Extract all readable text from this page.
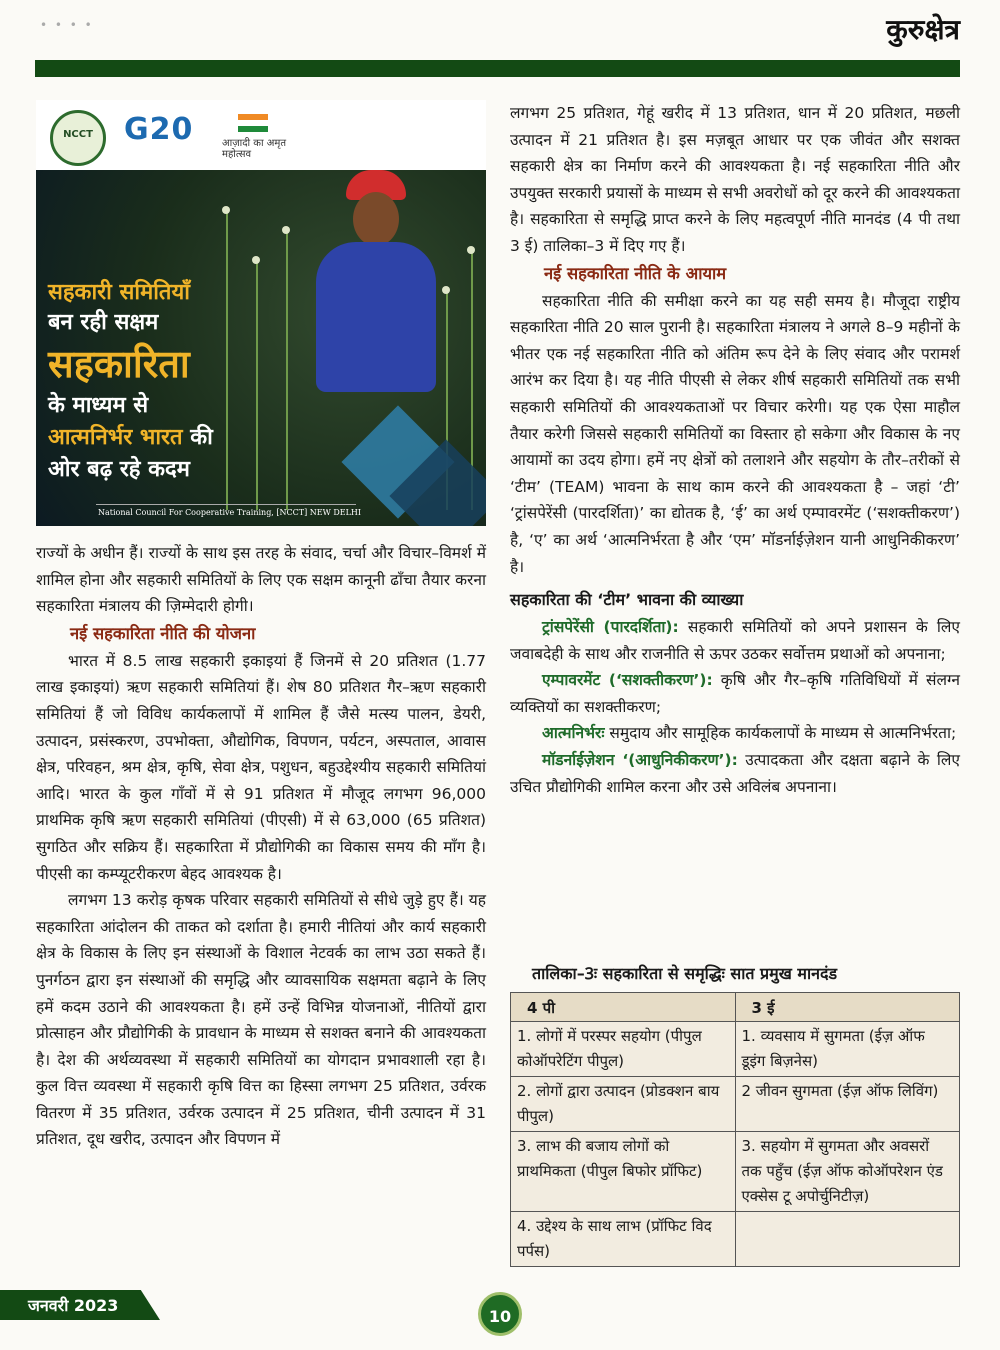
• • • •	कुरुक्षेत्र
NCCT	G20	आज़ादी का अमृत महोत्सव
सहकारी समितियाँ
बन रही सक्षम
सहकारिता
के माध्यम से
आत्मनिर्भर भारत की
ओर बढ़ रहे कदम
National Council For Cooperative Training, [NCCT] NEW DELHI

राज्यों के अधीन हैं। राज्यों के साथ इस तरह के संवाद, चर्चा और विचार–विमर्श में शामिल होना और सहकारी समितियों के लिए एक सक्षम कानूनी ढाँचा तैयार करना सहकारिता मंत्रालय की ज़िम्मेदारी होगी।

नई सहकारिता नीति की योजना

भारत में 8.5 लाख सहकारी इकाइयां हैं जिनमें से 20 प्रतिशत (1.77 लाख इकाइयां) ऋण सहकारी समितियां हैं। शेष 80 प्रतिशत गैर–ऋण सहकारी समितियां हैं जो विविध कार्यकलापों में शामिल हैं जैसे मत्स्य पालन, डेयरी, उत्पादन, प्रसंस्करण, उपभोक्ता, औद्योगिक, विपणन, पर्यटन, अस्पताल, आवास क्षेत्र, परिवहन, श्रम क्षेत्र, कृषि, सेवा क्षेत्र, पशुधन, बहुउद्देश्यीय सहकारी समितियां आदि। भारत के कुल गाँवों में से 91 प्रतिशत में मौजूद लगभग 96,000 प्राथमिक कृषि ऋण सहकारी समितियां (पीएसी) में से 63,000 (65 प्रतिशत) सुगठित और सक्रिय हैं। सहकारिता में प्रौद्योगिकी का विकास समय की माँग है। पीएसी का कम्प्यूटरीकरण बेहद आवश्यक है।

लगभग 13 करोड़ कृषक परिवार सहकारी समितियों से सीधे जुड़े हुए हैं। यह सहकारिता आंदोलन की ताकत को दर्शाता है। हमारी नीतियां और कार्य सहकारी क्षेत्र के विकास के लिए इन संस्थाओं के विशाल नेटवर्क का लाभ उठा सकते हैं। पुनर्गठन द्वारा इन संस्थाओं की समृद्धि और व्यावसायिक सक्षमता बढ़ाने के लिए हमें कदम उठाने की आवश्यकता है। हमें उन्हें विभिन्न योजनाओं, नीतियों द्वारा प्रोत्साहन और प्रौद्योगिकी के प्रावधान के माध्यम से सशक्त बनाने की आवश्यकता है। देश की अर्थव्यवस्था में सहकारी समितियों का योगदान प्रभावशाली रहा है। कुल वित्त व्यवस्था में सहकारी कृषि वित्त का हिस्सा लगभग 25 प्रतिशत, उर्वरक वितरण में 35 प्रतिशत, उर्वरक उत्पादन में 25 प्रतिशत, चीनी उत्पादन में 31 प्रतिशत, दूध खरीद, उत्पादन और विपणन में

लगभग 25 प्रतिशत, गेहूं खरीद में 13 प्रतिशत, धान में 20 प्रतिशत, मछली उत्पादन में 21 प्रतिशत है। इस मज़बूत आधार पर एक जीवंत और सशक्त सहकारी क्षेत्र का निर्माण करने की आवश्यकता है। नई सहकारिता नीति और उपयुक्त सरकारी प्रयासों के माध्यम से सभी अवरोधों को दूर करने की आवश्यकता है। सहकारिता से समृद्धि प्राप्त करने के लिए महत्वपूर्ण नीति मानदंड (4 पी तथा 3 ई) तालिका–3 में दिए गए हैं।

नई सहकारिता नीति के आयाम

सहकारिता नीति की समीक्षा करने का यह सही समय है। मौजूदा राष्ट्रीय सहकारिता नीति 20 साल पुरानी है। सहकारिता मंत्रालय ने अगले 8–9 महीनों के भीतर एक नई सहकारिता नीति को अंतिम रूप देने के लिए संवाद और परामर्श आरंभ कर दिया है। यह नीति पीएसी से लेकर शीर्ष सहकारी समितियों तक सभी सहकारी समितियों की आवश्यकताओं पर विचार करेगी। यह एक ऐसा माहौल तैयार करेगी जिससे सहकारी समितियों का विस्तार हो सकेगा और विकास के नए आयामों का उदय होगा। हमें नए क्षेत्रों को तलाशने और सहयोग के तौर–तरीकों से ‘टीम’ (TEAM) भावना के साथ काम करने की आवश्यकता है – जहां ‘टी’ ‘ट्रांसपेरेंसी (पारदर्शिता)’ का द्योतक है, ‘ई’ का अर्थ एम्पावरमेंट (‘सशक्तीकरण’) है, ‘ए’ का अर्थ ‘आत्मनिर्भरता है और ‘एम’ मॉडर्नाईज़ेशन यानी आधुनिकीकरण’ है।

सहकारिता की ‘टीम’ भावना की व्याख्या

ट्रांसपेरेंसी (पारदर्शिता): सहकारी समितियों को अपने प्रशासन के लिए जवाबदेही के साथ और राजनीति से ऊपर उठकर सर्वोत्तम प्रथाओं को अपनाना;

एम्पावरमेंट (‘सशक्तीकरण’): कृषि और गैर–कृषि गतिविधियों में संलग्न व्यक्तियों का सशक्तीकरण;

आत्मनिर्भरः समुदाय और सामूहिक कार्यकलापों के माध्यम से आत्मनिर्भरता;

मॉडर्नाईज़ेशन ‘(आधुनिकीकरण’): उत्पादकता और दक्षता बढ़ाने के लिए उचित प्रौद्योगिकी शामिल करना और उसे अविलंब अपनाना।

तालिका–3ः सहकारिता से समृद्धिः सात प्रमुख मानदंड
4 पी	3 ई
1. लोगों में परस्पर सहयोग (पीपुल कोऑपरेटिंग पीपुल)	1. व्यवसाय में सुगमता (ईज़ ऑफ डूइंग बिज़नेस)
2. लोगों द्वारा उत्पादन (प्रोडक्शन बाय पीपुल)	2 जीवन सुगमता (ईज़ ऑफ लिविंग)
3. लाभ की बजाय लोगों को प्राथमिकता (पीपुल बिफोर प्रॉफिट)	3. सहयोग में सुगमता और अवसरों तक पहुँच (ईज़ ऑफ कोऑपरेशन एंड एक्सेस टू अपोर्चुनिटीज़)
4. उद्देश्य के साथ लाभ (प्रॉफिट विद पर्पस)	
जनवरी 2023
10
